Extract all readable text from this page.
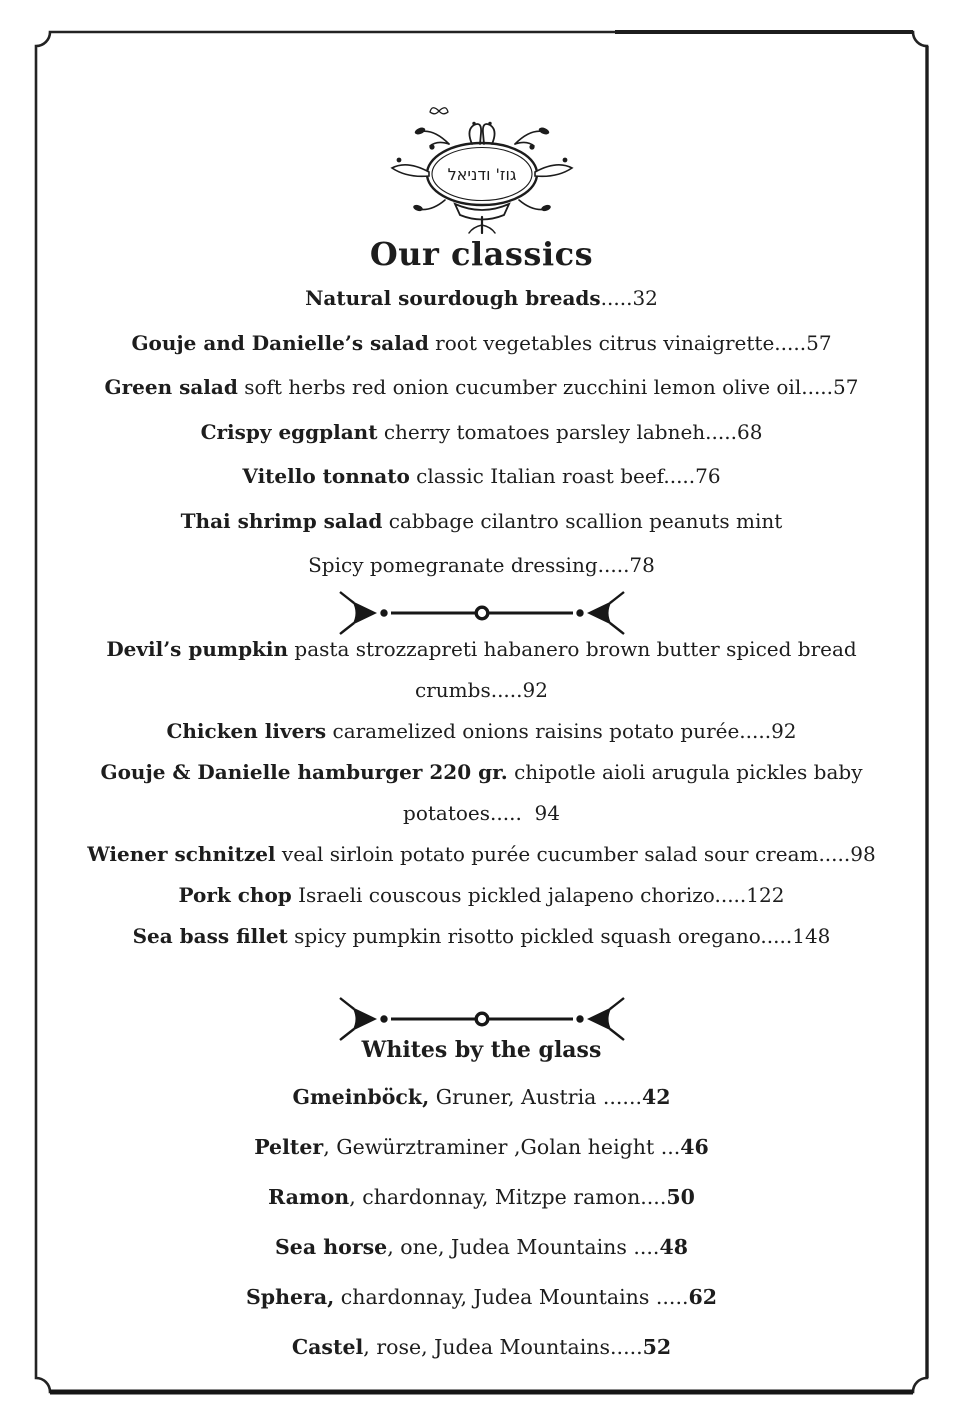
גוז' ודניאל
Our classics
Natural sourdough breads.....32
Gouje and Danielle’s salad root vegetables citrus vinaigrette.....57
Green salad soft herbs red onion cucumber zucchini lemon olive oil.....57
Crispy eggplant cherry tomatoes parsley labneh.....68
Vitello tonnato classic Italian roast beef.....76
Thai shrimp salad cabbage cilantro scallion peanuts mint
Spicy pomegranate dressing.....78
Devil’s pumpkin pasta strozzapreti habanero brown butter spiced bread
crumbs.....92
Chicken livers caramelized onions raisins potato purée.....92
Gouje & Danielle hamburger 220 gr. chipotle aioli arugula pickles baby
potatoes.....  94
Wiener schnitzel veal sirloin potato purée cucumber salad sour cream.....98
Pork chop Israeli couscous pickled jalapeno chorizo.....122
Sea bass fillet spicy pumpkin risotto pickled squash oregano.....148
Whites by the glass
Gmeinböck, Gruner, Austria ......42
Pelter, Gewürztraminer ,Golan height ...46
Ramon, chardonnay, Mitzpe ramon....50
Sea horse, one, Judea Mountains ....48
Sphera, chardonnay, Judea Mountains .....62
Castel, rose, Judea Mountains.....52
